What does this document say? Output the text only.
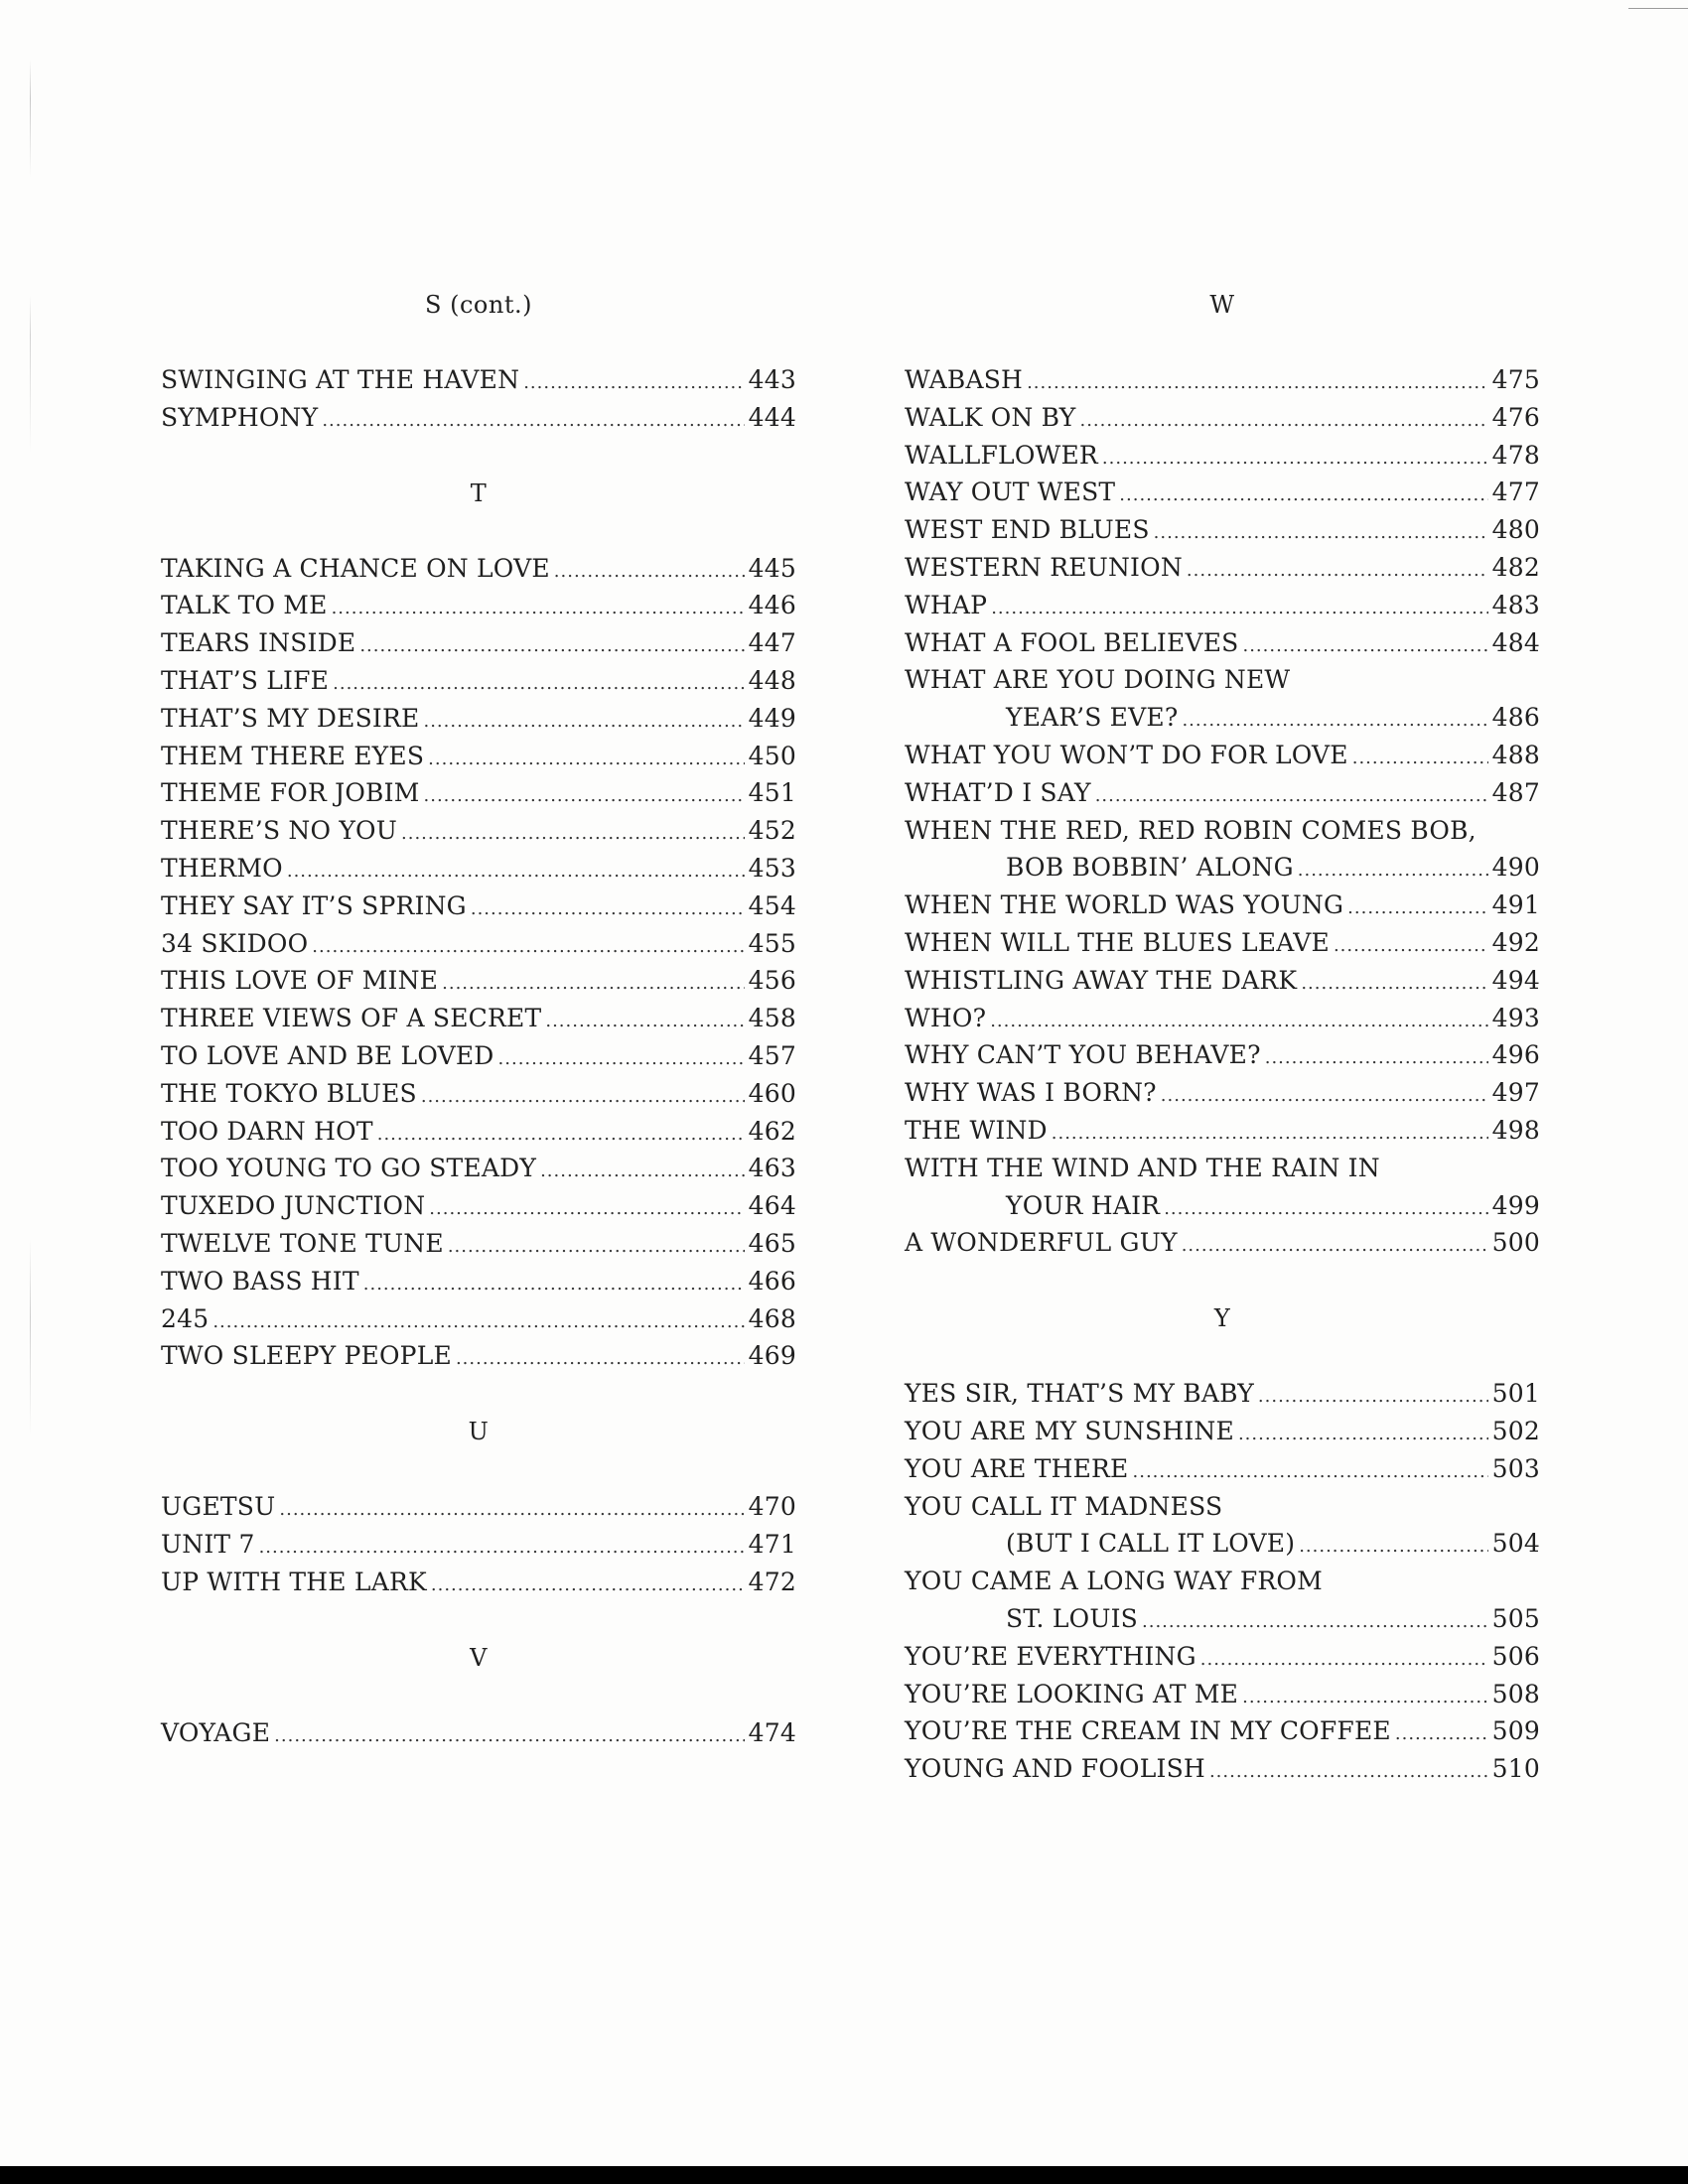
S (cont.)
SWINGING AT THE HAVEN .....	443
SYMPHONY .....	444
T
TAKING A CHANCE ON LOVE .....	445
TALK TO ME .....	446
TEARS INSIDE .....	447
THAT’S LIFE .....	448
THAT’S MY DESIRE .....	449
THEM THERE EYES .....	450
THEME FOR JOBIM .....	451
THERE’S NO YOU .....	452
THERMO .....	453
THEY SAY IT’S SPRING .....	454
34 SKIDOO .....	455
THIS LOVE OF MINE .....	456
THREE VIEWS OF A SECRET .....	458
TO LOVE AND BE LOVED .....	457
THE TOKYO BLUES .....	460
TOO DARN HOT .....	462
TOO YOUNG TO GO STEADY .....	463
TUXEDO JUNCTION .....	464
TWELVE TONE TUNE .....	465
TWO BASS HIT .....	466
245 .....	468
TWO SLEEPY PEOPLE .....	469
U
UGETSU .....	470
UNIT 7 .....	471
UP WITH THE LARK .....	472
V
VOYAGE .....	474
W
WABASH .....	475
WALK ON BY .....	476
WALLFLOWER .....	478
WAY OUT WEST .....	477
WEST END BLUES .....	480
WESTERN REUNION .....	482
WHAP .....	483
WHAT A FOOL BELIEVES .....	484
WHAT ARE YOU DOING NEW
YEAR’S EVE? .....	486
WHAT YOU WON’T DO FOR LOVE .....	488
WHAT’D I SAY .....	487
WHEN THE RED, RED ROBIN COMES BOB,
BOB BOBBIN’ ALONG .....	490
WHEN THE WORLD WAS YOUNG .....	491
WHEN WILL THE BLUES LEAVE .....	492
WHISTLING AWAY THE DARK .....	494
WHO? .....	493
WHY CAN’T YOU BEHAVE? .....	496
WHY WAS I BORN? .....	497
THE WIND .....	498
WITH THE WIND AND THE RAIN IN
YOUR HAIR .....	499
A WONDERFUL GUY .....	500
Y
YES SIR, THAT’S MY BABY .....	501
YOU ARE MY SUNSHINE .....	502
YOU ARE THERE .....	503
YOU CALL IT MADNESS
(BUT I CALL IT LOVE) .....	504
YOU CAME A LONG WAY FROM
ST. LOUIS .....	505
YOU’RE EVERYTHING .....	506
YOU’RE LOOKING AT ME .....	508
YOU’RE THE CREAM IN MY COFFEE .....	509
YOUNG AND FOOLISH .....	510
